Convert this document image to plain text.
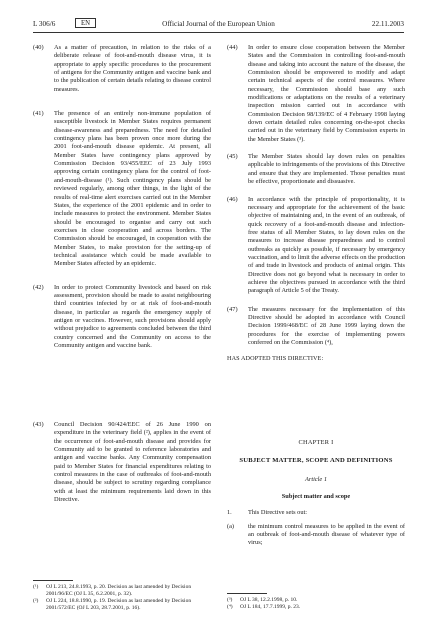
L 306/6	EN	Official Journal of the European Union	22.11.2003
(40) As a matter of precaution, in relation to the risks of a deliberate release of foot-and-mouth disease virus, it is appropriate to apply specific procedures to the procurement of antigens for the Community antigen and vaccine bank and to the publication of certain details relating to disease control measures.
(41) The presence of an entirely non-immune population of susceptible livestock in Member States requires permanent disease-awareness and preparedness. The need for detailed contingency plans has been proven once more during the 2001 foot-and-mouth disease epidemic. At present, all Member States have contingency plans approved by Commission Decision 93/455/EEC of 23 July 1993 approving certain contingency plans for the control of foot-and-mouth-disease (¹). Such contingency plans should be reviewed regularly, among other things, in the light of the results of real-time alert exercises carried out in the Member States, the experience of the 2001 epidemic and in order to include measures to protect the environment. Member States should be encouraged to organise and carry out such exercises in close cooperation and across borders. The Commission should be encouraged, in cooperation with the Member States, to make provision for the setting-up of technical assistance which could be made available to Member States affected by an epidemic.
(42) In order to protect Community livestock and based on risk assessment, provision should be made to assist neighbouring third countries infected by or at risk of foot-and-mouth disease, in particular as regards the emergency supply of antigen or vaccines. However, such provisions should apply without prejudice to agreements concluded between the third country concerned and the Community on access to the Community antigen and vaccine bank.
(44) In order to ensure close cooperation between the Member States and the Commission in controlling foot-and-mouth disease and taking into account the nature of the disease, the Commission should be empowered to modify and adapt certain technical aspects of the control measures. Where necessary, the Commission should base any such modifications or adaptations on the results of a veterinary inspection mission carried out in accordance with Commission Decision 98/139/EC of 4 February 1998 laying down certain detailed rules concerning on-the-spot checks carried out in the veterinary field by Commission experts in the Member States (³).
(45) The Member States should lay down rules on penalties applicable to infringements of the provisions of this Directive and ensure that they are implemented. Those penalties must be effective, proportionate and dissuasive.
(46) In accordance with the principle of proportionality, it is necessary and appropriate for the achievement of the basic objective of maintaining and, in the event of an outbreak, of quick recovery of a foot-and-mouth disease and infection-free status of all Member States, to lay down rules on the measures to increase disease preparedness and to control outbreaks as quickly as possible, if necessary by emergency vaccination, and to limit the adverse effects on the production of and trade in livestock and products of animal origin. This Directive does not go beyond what is necessary in order to achieve the objectives pursued in accordance with the third paragraph of Article 5 of the Treaty.
(47) The measures necessary for the implementation of this Directive should be adopted in accordance with Council Decision 1999/468/EC of 28 June 1999 laying down the procedures for the exercise of implementing powers conferred on the Commission (⁴),
HAS ADOPTED THIS DIRECTIVE:
(43) Council Decision 90/424/EEC of 26 June 1990 on expenditure in the veterinary field (²), applies in the event of the occurrence of foot-and-mouth disease and provides for Community aid to be granted to reference laboratories and antigen and vaccine banks. Any Community compensation paid to Member States for financial expenditures relating to control measures in the case of outbreaks of foot-and-mouth disease, should be subject to scrutiny regarding compliance with at least the minimum requirements laid down in this Directive.
CHAPTER I
SUBJECT MATTER, SCOPE AND DEFINITIONS
Article 1
Subject matter and scope
1.	This Directive sets out:
(a) the minimum control measures to be applied in the event of an outbreak of foot-and-mouth disease of whatever type of virus;
(¹) OJ L 213, 24.8.1993, p. 20. Decision as last amended by Decision 2001/96/EC (OJ L 35, 6.2.2001, p. 32).
(²) OJ L 224, 18.8.1990, p. 19. Decision as last amended by Decision 2001/572/EC (OJ L 203, 28.7.2001, p. 16).
(³) OJ L 38, 12.2.1998, p. 10.
(⁴) OJ L 184, 17.7.1999, p. 23.
